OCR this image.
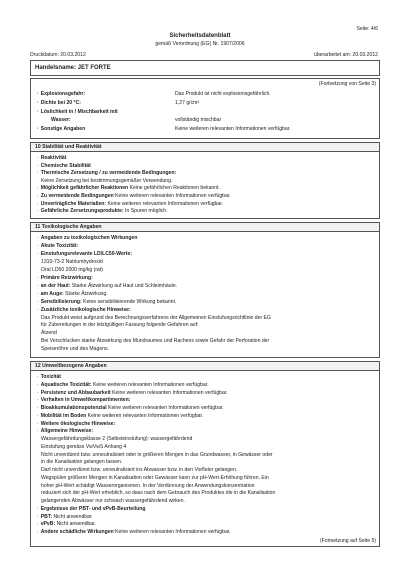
Seite: 4/6
Sicherheitsdatenblatt
gemäß Verordnung (EG) Nr. 1907/2006
Druckdatum: 20.03.2012	überarbeitet am: 20.03.2012
Handelsname: JET FORTE
(Fortsetzung von Seite 3)
· Explosionsgefahr:	Das Produkt ist nicht explosionsgefährlich.
· Dichte bei 20 °C:	1,27 g/cm³
· Löslichkeit in / Mischbarkeit mit
Wasser:	vollständig mischbar
· Sonstige Angaben	Keine weiteren relevanten Informationen verfügbar.
10 Stabilität und Reaktivität
· Reaktivität
· Chemische Stabilität
· Thermische Zersetzung / zu vermeidende Bedingungen:
Keine Zersetzung bei bestimmungsgemäßer Verwendung.
· Möglichkeit gefährlicher Reaktionen Keine gefährlichen Reaktionen bekannt.
· Zu vermeidende Bedingungen Keine weiteren relevanten Informationen verfügbar.
· Unverträgliche Materialien: Keine weiteren relevanten Informationen verfügbar.
· Gefährliche Zersetzungsprodukte: In Spuren möglich.
11 Toxikologische Angaben
· Angaben zu toxikologischen Wirkungen
· Akute Toxizität:
· Einstufungsrelevante LD/LC50-Werte:
1310-73-2 Natriumhydroxid
Oral LD50 2000 mg/kg (rat)
· Primäre Reizwirkung:
· an der Haut: Starke Ätzwirkung auf Haut und Schleimhäute.
· am Auge: Starke Ätzwirkung.
· Sensibilisierung: Keine sensibilisierende Wirkung bekannt.
· Zusätzliche toxikologische Hinweise:
Das Produkt weist aufgrund des Berechnungsverfahrens der Allgemeinen Einstufungsrichtlinie der EG
für Zubereitungen in der letztgültigen Fassung folgende Gefahren auf:
Ätzend
Bei Verschlucken starke Ätzwirkung des Mundraumes und Rachens sowie Gefahr der Perforation der
Speiseröhre und des Magens.
12 Umweltbezogene Angaben
· Toxizität
· Aquatische Toxizität: Keine weiteren relevanten Informationen verfügbar.
· Persistenz und Abbaubarkeit Keine weiteren relevanten Informationen verfügbar.
· Verhalten in Umweltkompartimenten:
· Bioakkumulationspotenzial Keine weiteren relevanten Informationen verfügbar.
· Mobilität im Boden Keine weiteren relevanten Informationen verfügbar.
· Weitere ökologische Hinweise:
· Allgemeine Hinweise:
Wassergefährdungsklasse 2 (Selbsteinstufung): wassergefährdend
Einstufung gemäss VwVwS Anhang 4
Nicht unverdünnt bzw. unneutralisiert oder in größeren Mengen in das Grundwasser, in Gewässer oder
in die Kanalisation gelangen lassen.
Darf nicht unverdünnt bzw. unneutralisiert ins Abwasser bzw. in den Vorfluter gelangen.
Wegspülen größerer Mengen in Kanalisation oder Gewässer kann zur pH-Wert-Erhöhung führen. Ein
hoher pH-Wert schädigt Wasserorganismen. In der Verdünnung der Anwendungskonzentration
reduziert sich der pH-Wert erheblich, so dass nach dem Gebrauch des Produktes die in die Kanalisation
gelangenden Abwässer nur schwach wassergefährdend wirken.
· Ergebnisse der PBT- und vPvB-Beurteilung
· PBT: Nicht anwendbar.
· vPvB: Nicht anwendbar.
· Andere schädliche Wirkungen Keine weiteren relevanten Informationen verfügbar.
(Fortsetzung auf Seite 5)
